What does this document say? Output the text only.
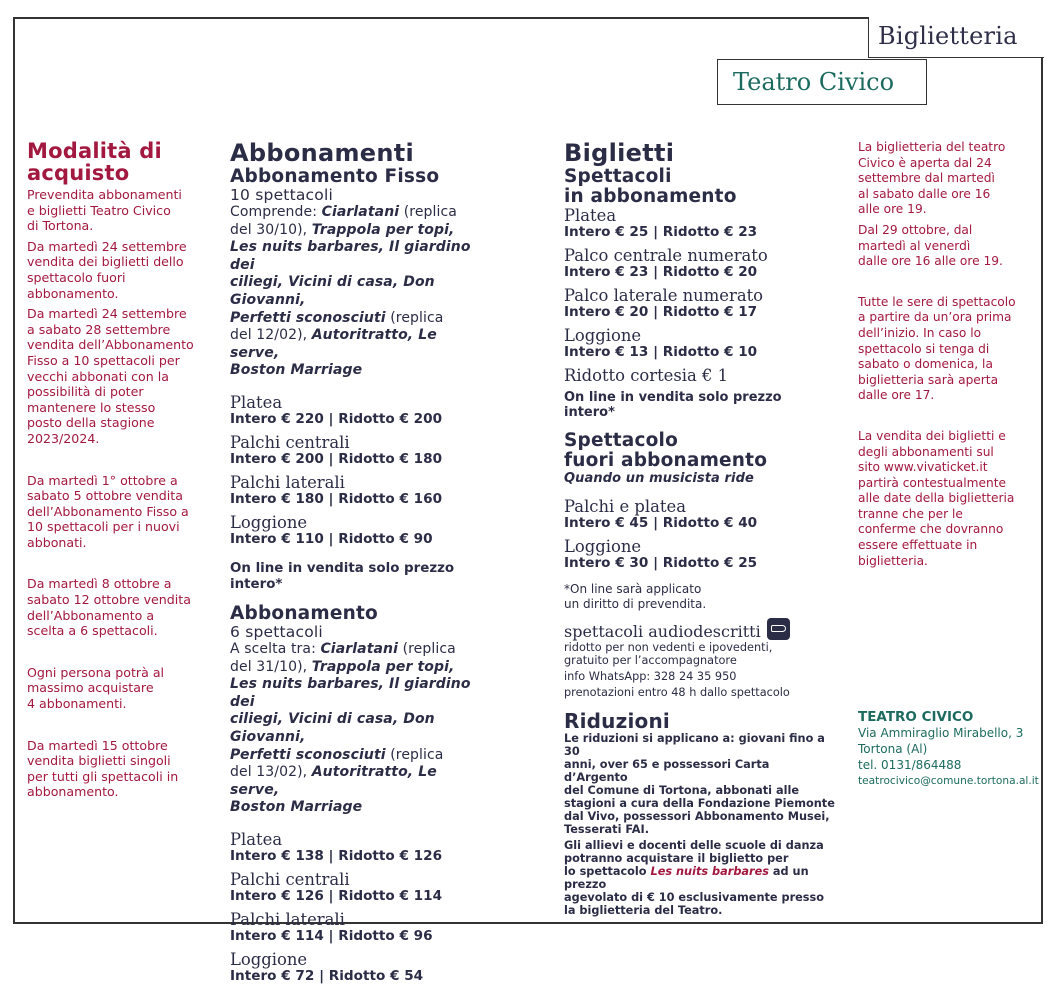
Biglietteria
Teatro Civico
Modalità di
acquisto

Prevendita abbonamenti

e biglietti Teatro Civico

di Tortona.

Da martedì 24 settembre

vendita dei biglietti dello

spettacolo fuori

abbonamento.

Da martedì 24 settembre

a sabato 28 settembre

vendita dell’Abbonamento

Fisso a 10 spettacoli per

vecchi abbonati con la

possibilità di poter

mantenere lo stesso

posto della stagione

2023/2024.

Da martedì 1° ottobre a

sabato 5 ottobre vendita

dell’Abbonamento Fisso a

10 spettacoli per i nuovi

abbonati.

Da martedì 8 ottobre a

sabato 12 ottobre vendita

dell’Abbonamento a

scelta a 6 spettacoli.

Ogni persona potrà al

massimo acquistare

4 abbonamenti.

Da martedì 15 ottobre

vendita biglietti singoli

per tutti gli spettacoli in

abbonamento.

Abbonamenti
Abbonamento Fisso

10 spettacoli

Comprende: Ciarlatani (replica

del 30/10), Trappola per topi,

Les nuits barbares, Il giardino dei

ciliegi, Vicini di casa, Don Giovanni,

Perfetti sconosciuti (replica

del 12/02), Autoritratto, Le serve,

Boston Marriage

Platea

Intero € 220 | Ridotto € 200

Palchi centrali

Intero € 200 | Ridotto € 180

Palchi laterali

Intero € 180 | Ridotto € 160

Loggione

Intero € 110 | Ridotto € 90

On line in vendita solo prezzo

intero*

Abbonamento

6 spettacoli

A scelta tra: Ciarlatani (replica

del 31/10), Trappola per topi,

Les nuits barbares, Il giardino dei

ciliegi, Vicini di casa, Don Giovanni,

Perfetti sconosciuti (replica

del 13/02), Autoritratto, Le serve,

Boston Marriage

Platea

Intero € 138 | Ridotto € 126

Palchi centrali

Intero € 126 | Ridotto € 114

Palchi laterali

Intero € 114 | Ridotto € 96

Loggione

Intero € 72 | Ridotto € 54

Biglietti
Spettacoli
in abbonamento

Platea

Intero € 25 | Ridotto € 23

Palco centrale numerato

Intero € 23 | Ridotto € 20

Palco laterale numerato

Intero € 20 | Ridotto € 17

Loggione

Intero € 13 | Ridotto € 10

Ridotto cortesia € 1

On line in vendita solo prezzo intero*

Spettacolo
fuori abbonamento

Quando un musicista ride

Palchi e platea

Intero € 45 | Ridotto € 40

Loggione

Intero € 30 | Ridotto € 25

*On line sarà applicato

un diritto di prevendita.

spettacoli audiodescritti

ridotto per non vedenti e ipovedenti,

gratuito per l’accompagnatore

info WhatsApp: 328 24 35 950

prenotazioni entro 48 h dallo spettacolo

Riduzioni

Le riduzioni si applicano a: giovani fino a 30

anni, over 65 e possessori Carta d’Argento

del Comune di Tortona, abbonati alle

stagioni a cura della Fondazione Piemonte

dal Vivo, possessori Abbonamento Musei,

Tesserati FAI.

Gli allievi e docenti delle scuole di danza

potranno acquistare il biglietto per

lo spettacolo Les nuits barbares ad un prezzo

agevolato di € 10 esclusivamente presso

la biglietteria del Teatro.

La biglietteria del teatro

Civico è aperta dal 24

settembre dal martedì

al sabato dalle ore 16

alle ore 19.

Dal 29 ottobre, dal

martedì al venerdì

dalle ore 16 alle ore 19.

Tutte le sere di spettacolo

a partire da un’ora prima

dell’inizio. In caso lo

spettacolo si tenga di

sabato o domenica, la

biglietteria sarà aperta

dalle ore 17.

La vendita dei biglietti e

degli abbonamenti sul

sito www.vivaticket.it

partirà contestualmente

alle date della biglietteria

tranne che per le

conferme che dovranno

essere effettuate in

biglietteria.

TEATRO CIVICO

Via Ammiraglio Mirabello, 3

Tortona (Al)

tel. 0131/864488

teatrocivico@comune.tortona.al.it
